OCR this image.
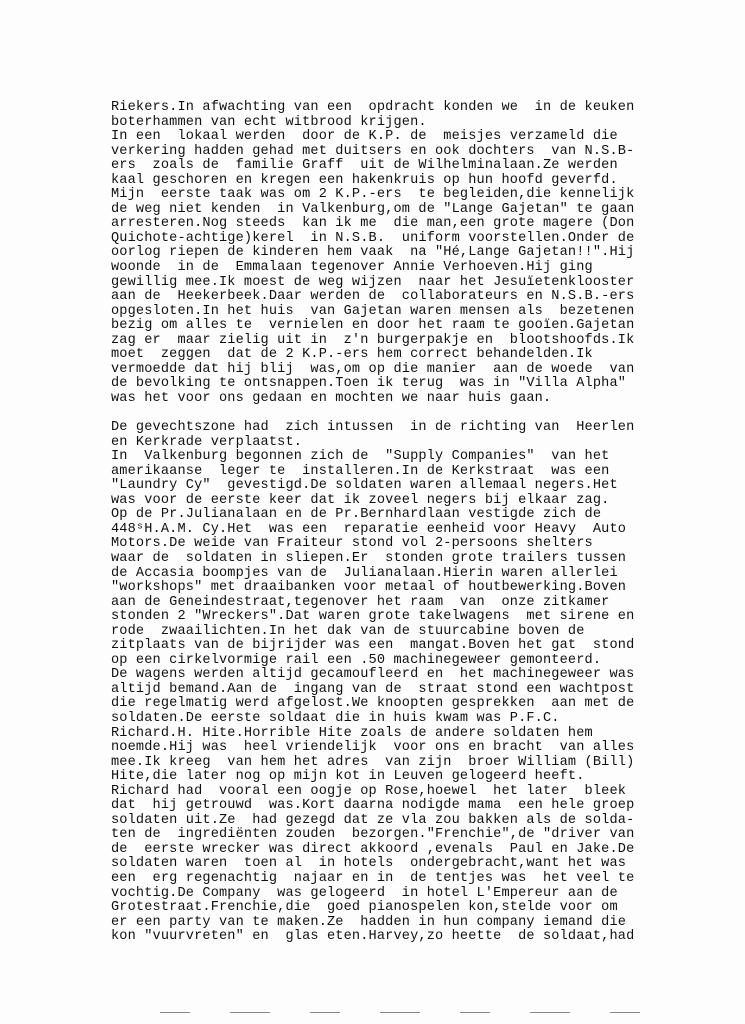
Riekers.In afwachting van een  opdracht konden we  in de keuken
boterhammen van echt witbrood krijgen.
In een  lokaal werden  door de K.P. de  meisjes verzameld die
verkering hadden gehad met duitsers en ook dochters  van N.S.B-
ers  zoals de  familie Graff  uit de Wilhelminalaan.Ze werden
kaal geschoren en kregen een hakenkruis op hun hoofd geverfd.
Mijn  eerste taak was om 2 K.P.-ers  te begleiden,die kennelijk
de weg niet kenden  in Valkenburg,om de "Lange Gajetan" te gaan
arresteren.Nog steeds  kan ik me  die man,een grote magere (Don
Quichote-achtige)kerel  in N.S.B.  uniform voorstellen.Onder de
oorlog riepen de kinderen hem vaak  na "Hé,Lange Gajetan!!".Hij
woonde  in de  Emmalaan tegenover Annie Verhoeven.Hij ging
gewillig mee.Ik moest de weg wijzen  naar het Jesuïetenklooster
aan de  Heekerbeek.Daar werden de  collaborateurs en N.S.B.-ers
opgesloten.In het huis  van Gajetan waren mensen als  bezetenen
bezig om alles te  vernielen en door het raam te gooïen.Gajetan
zag er  maar zielig uit in  z'n burgerpakje en  blootshoofds.Ik
moet  zeggen  dat de 2 K.P.-ers hem correct behandelden.Ik
vermoedde dat hij blij  was,om op die manier  aan de woede  van
de bevolking te ontsnappen.Toen ik terug  was in "Villa Alpha"
was het voor ons gedaan en mochten we naar huis gaan.
De gevechtszone had  zich intussen  in de richting van  Heerlen
en Kerkrade verplaatst.
In  Valkenburg begonnen zich de  "Supply Companies"  van het
amerikaanse  leger te  installeren.In de Kerkstraat  was een
"Laundry Cy"  gevestigd.De soldaten waren allemaal negers.Het
was voor de eerste keer dat ik zoveel negers bij elkaar zag.
Op de Pr.Julianalaan en de Pr.Bernhardlaan vestigde zich de
448ˢH.A.M. Cy.Het  was een  reparatie eenheid voor Heavy  Auto
Motors.De weide van Fraiteur stond vol 2-persoons shelters
waar de  soldaten in sliepen.Er  stonden grote trailers tussen
de Accasia boompjes van de  Julianalaan.Hierin waren allerlei
"workshops" met draaibanken voor metaal of houtbewerking.Boven
aan de Geneindestraat,tegenover het raam  van  onze zitkamer
stonden 2 "Wreckers".Dat waren grote takelwagens  met sirene en
rode  zwaailichten.In het dak van de stuurcabine boven de
zitplaats van de bijrijder was een  mangat.Boven het gat  stond
op een cirkelvormige rail een .50 machinegeweer gemonteerd.
De wagens werden altijd gecamoufleerd en  het machinegeweer was
altijd bemand.Aan de  ingang van de  straat stond een wachtpost
die regelmatig werd afgelost.We knoopten gesprekken  aan met de
soldaten.De eerste soldaat die in huis kwam was P.F.C.
Richard.H. Hite.Horrible Hite zoals de andere soldaten hem
noemde.Hij was  heel vriendelijk  voor ons en bracht  van alles
mee.Ik kreeg  van hem het adres  van zijn  broer William (Bill)
Hite,die later nog op mijn kot in Leuven gelogeerd heeft.
Richard had  vooral een oogje op Rose,hoewel  het later  bleek
dat  hij getrouwd  was.Kort daarna nodigde mama  een hele groep
soldaten uit.Ze  had gezegd dat ze vla zou bakken als de solda-
ten de  ingrediënten zouden  bezorgen."Frenchie",de "driver van
de  eerste wrecker was direct akkoord ,evenals  Paul en Jake.De
soldaten waren  toen al  in hotels  ondergebracht,want het was
een  erg regenachtig  najaar en in  de tentjes was  het veel te
vochtig.De Company  was gelogeerd  in hotel L'Empereur aan de
Grotestraat.Frenchie,die  goed pianospelen kon,stelde voor om
er een party van te maken.Ze  hadden in hun company iemand die
kon "vuurvreten" en  glas eten.Harvey,zo heette  de soldaat,had
